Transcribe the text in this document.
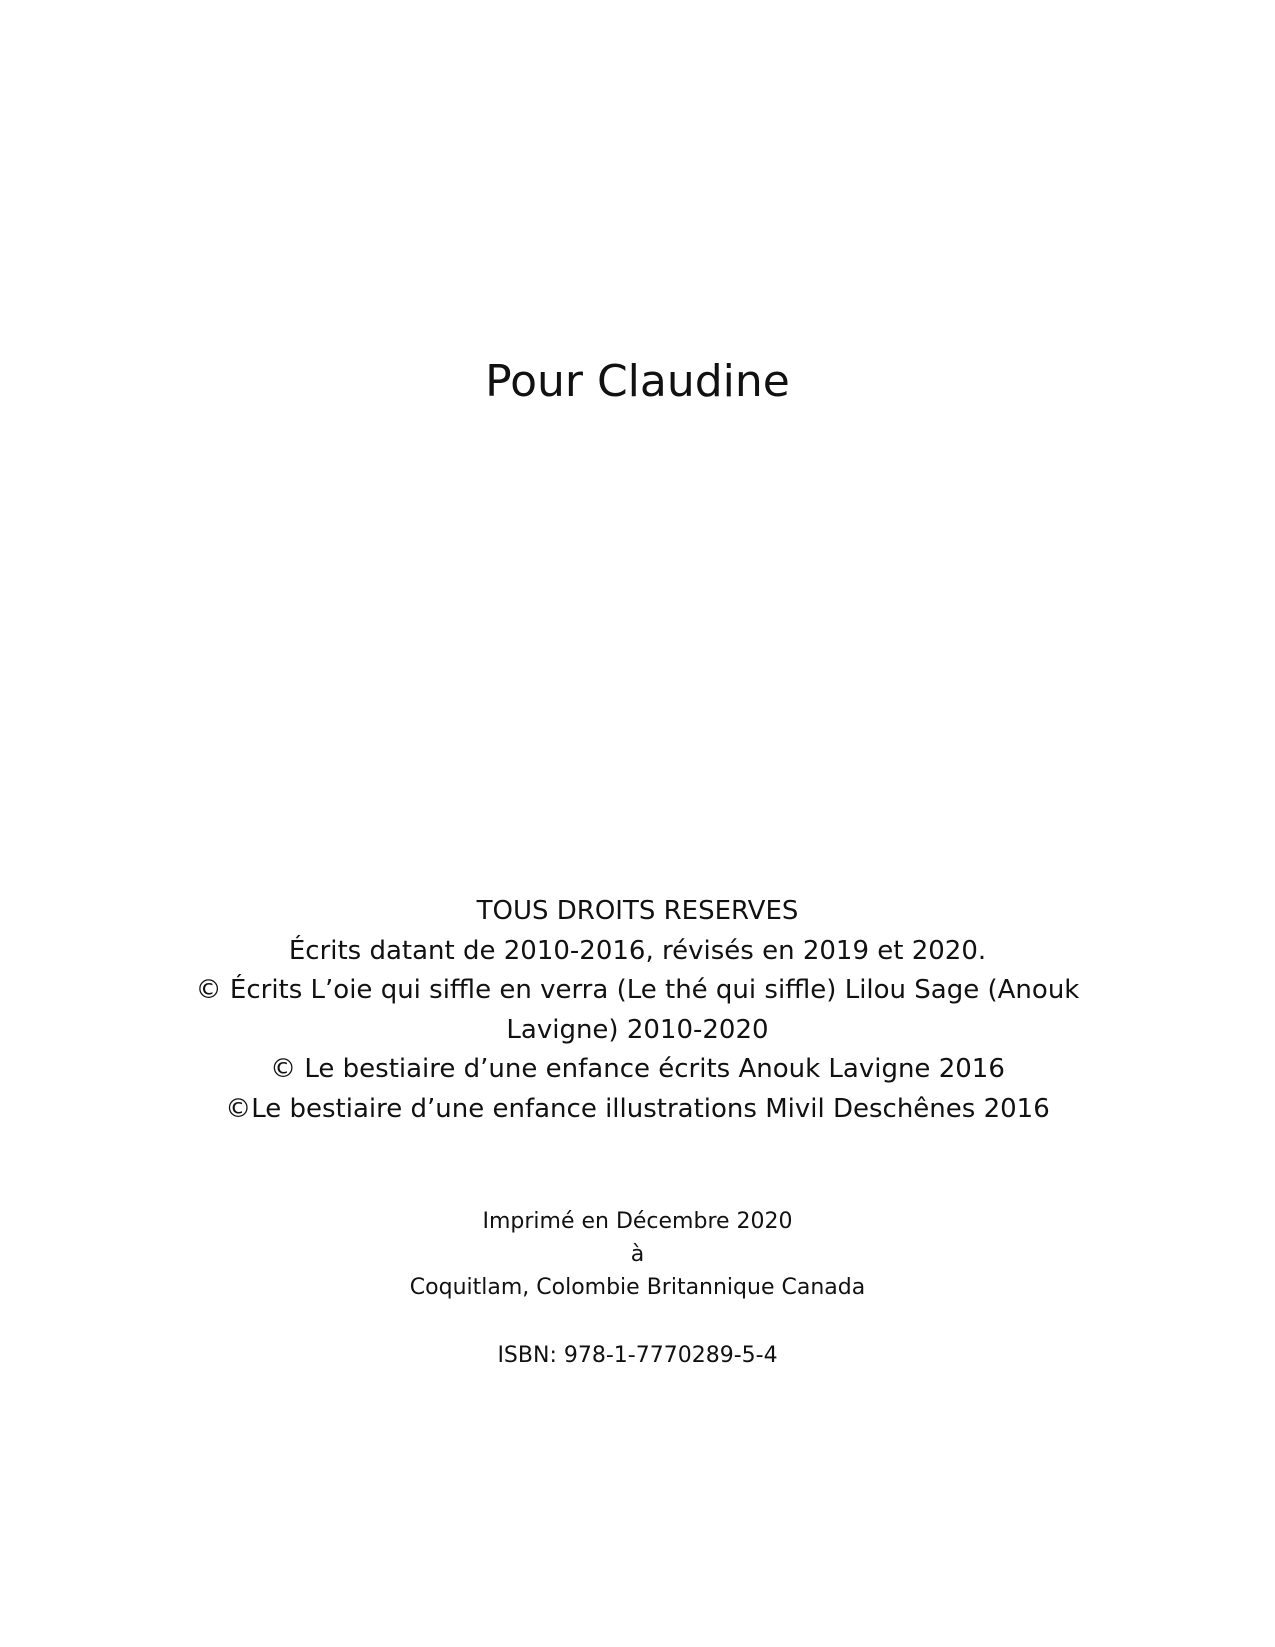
Pour Claudine
TOUS DROITS RESERVES
Écrits datant de 2010-2016, révisés en 2019 et 2020.
© Écrits L’oie qui siffle en verra (Le thé qui siffle) Lilou Sage (Anouk
Lavigne) 2010-2020
© Le bestiaire d’une enfance écrits Anouk Lavigne 2016
©Le bestiaire d’une enfance illustrations Mivil Deschênes 2016
Imprimé en Décembre 2020
à
Coquitlam, Colombie Britannique Canada
ISBN: 978-1-7770289-5-4
